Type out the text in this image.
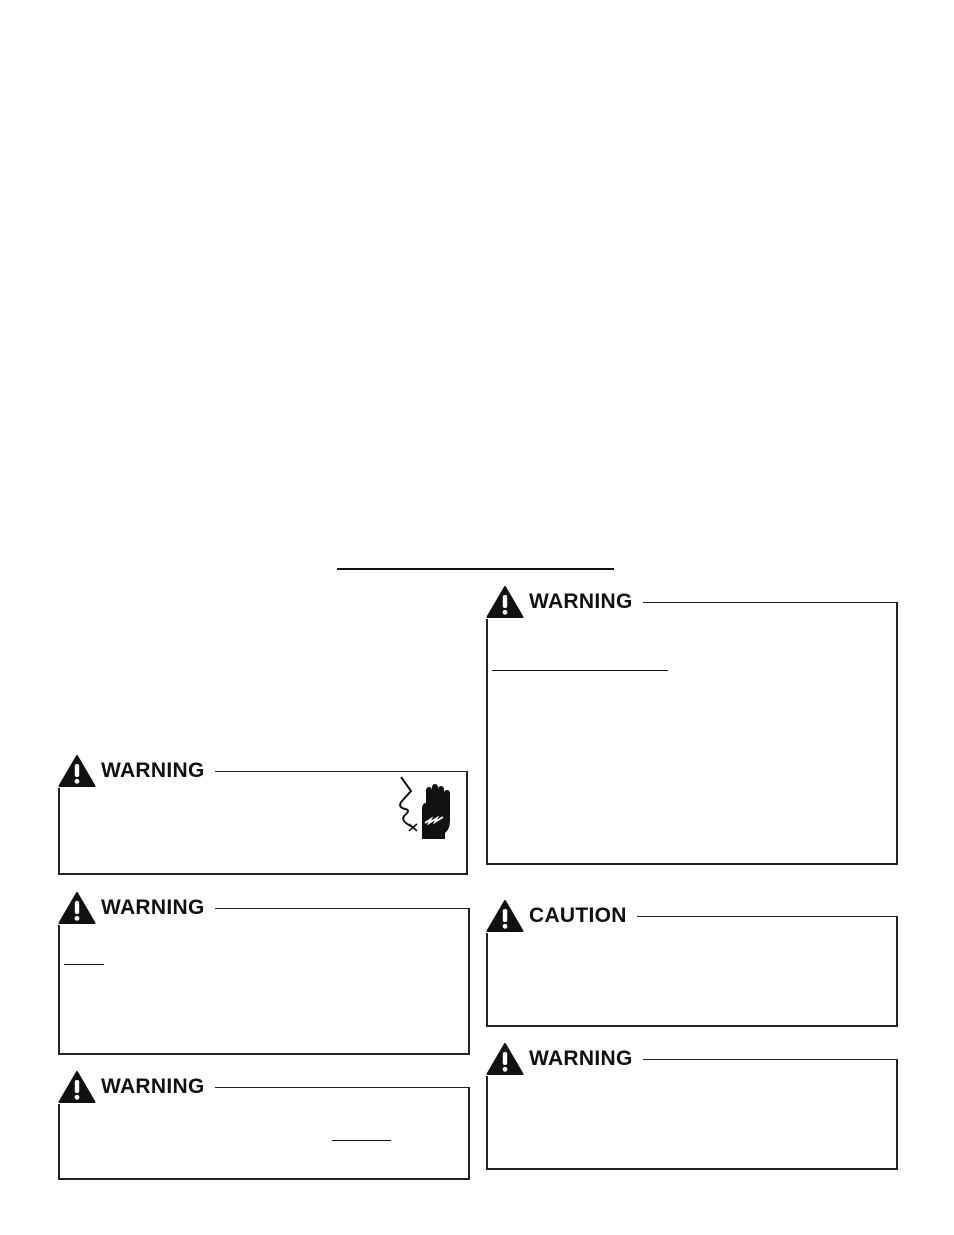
WARNING
WARNING
WARNING
WARNING
CAUTION
WARNING
